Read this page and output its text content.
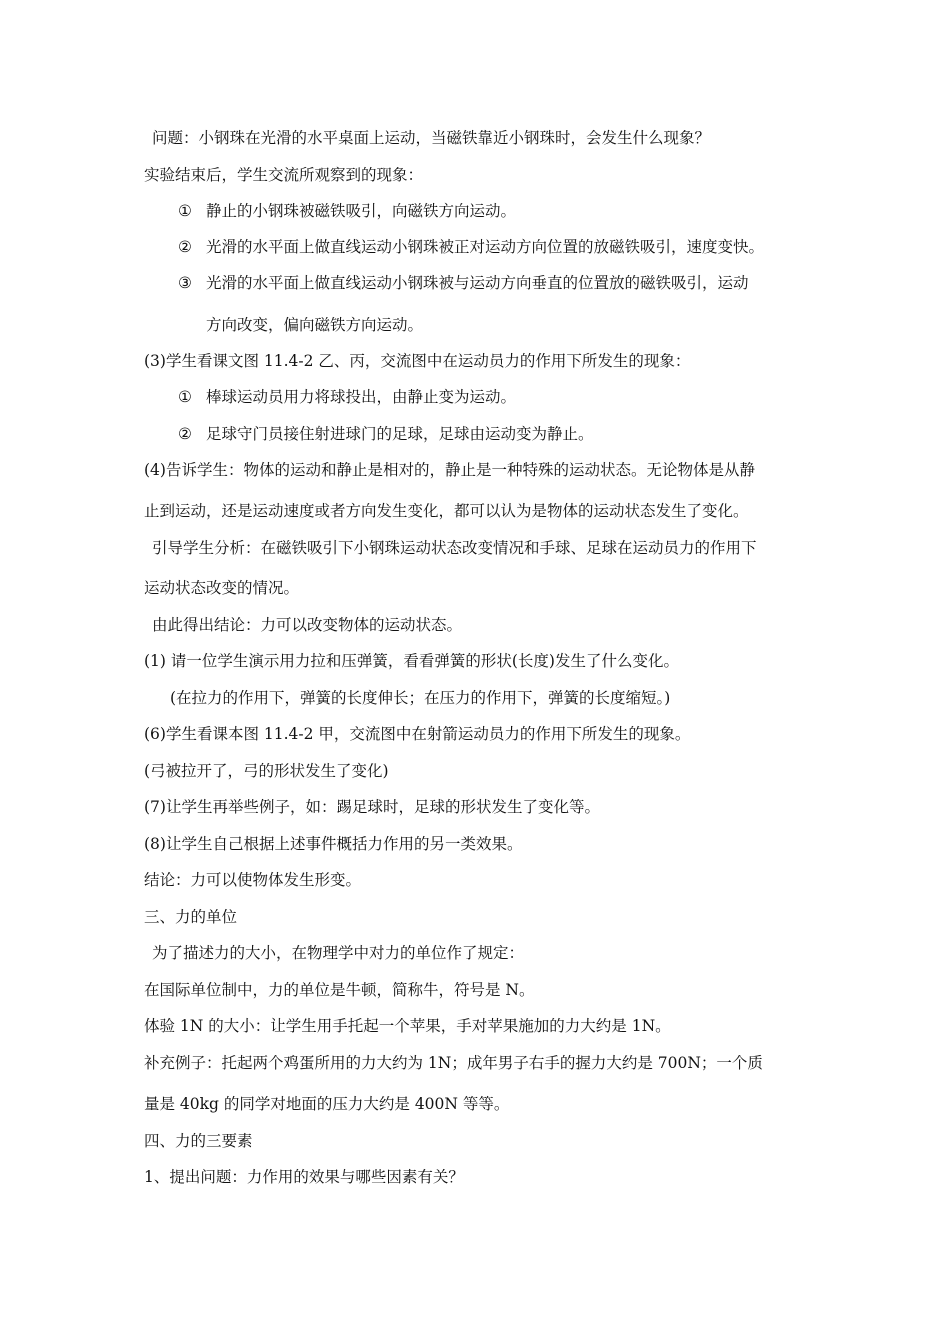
问题：小钢珠在光滑的水平桌面上运动，当磁铁靠近小钢珠时，会发生什么现象？
实验结束后，学生交流所观察到的现象：
① 静止的小钢珠被磁铁吸引，向磁铁方向运动。
② 光滑的水平面上做直线运动小钢珠被正对运动方向位置的放磁铁吸引，速度变快。
③ 光滑的水平面上做直线运动小钢珠被与运动方向垂直的位置放的磁铁吸引，运动
方向改变，偏向磁铁方向运动。
(3)学生看课文图 11.4-2 乙、丙，交流图中在运动员力的作用下所发生的现象：
① 棒球运动员用力将球投出，由静止变为运动。
② 足球守门员接住射进球门的足球，足球由运动变为静止。
(4)告诉学生：物体的运动和静止是相对的，静止是一种特殊的运动状态。无论物体是从静
止到运动，还是运动速度或者方向发生变化，都可以认为是物体的运动状态发生了变化。
引导学生分析：在磁铁吸引下小钢珠运动状态改变情况和手球、足球在运动员力的作用下
运动状态改变的情况。
由此得出结论：力可以改变物体的运动状态。
(1) 请一位学生演示用力拉和压弹簧，看看弹簧的形状(长度)发生了什么变化。
(在拉力的作用下，弹簧的长度伸长；在压力的作用下，弹簧的长度缩短。)
(6)学生看课本图 11.4-2 甲，交流图中在射箭运动员力的作用下所发生的现象。
(弓被拉开了，弓的形状发生了变化)
(7)让学生再举些例子，如：踢足球时，足球的形状发生了变化等。
(8)让学生自己根据上述事件概括力作用的另一类效果。
结论：力可以使物体发生形变。
三、力的单位
为了描述力的大小，在物理学中对力的单位作了规定：
在国际单位制中，力的单位是牛顿，简称牛，符号是 N。
体验 1N 的大小：让学生用手托起一个苹果，手对苹果施加的力大约是 1N。
补充例子：托起两个鸡蛋所用的力大约为 1N；成年男子右手的握力大约是 700N；一个质
量是 40kg 的同学对地面的压力大约是 400N 等等。
四、力的三要素
1、提出问题：力作用的效果与哪些因素有关？
